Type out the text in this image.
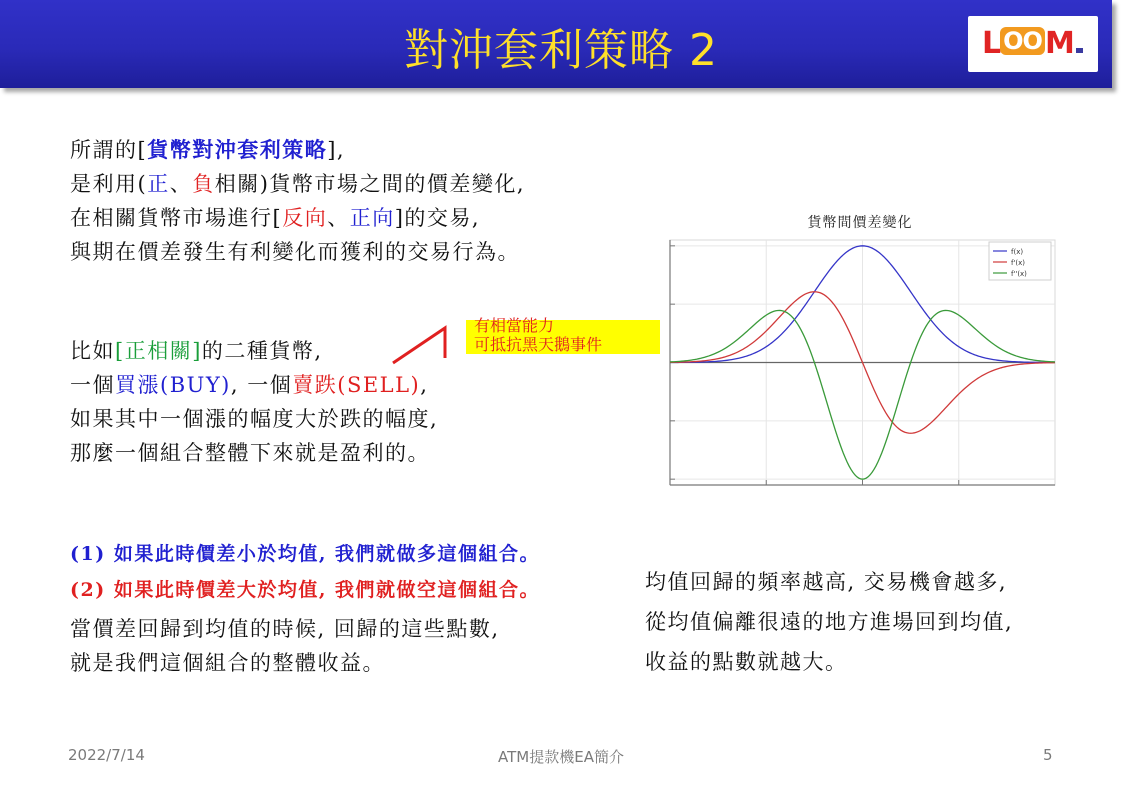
對沖套利策略 2	L OO M
所謂的[貨幣對沖套利策略],
是利用(正、負相關)貨幣市場之間的價差變化,
在相關貨幣市場進行[反向、正向]的交易,
與期在價差發生有利變化而獲利的交易行為。
比如[正相關]的二種貨幣,
一個買漲(BUY), 一個賣跌(SELL),
如果其中一個漲的幅度大於跌的幅度,
那麼一個組合整體下來就是盈利的。
有相當能力
可抵抗黑天鵝事件
(1) 如果此時價差小於均值, 我們就做多這個組合。
(2) 如果此時價差大於均值, 我們就做空這個組合。
當價差回歸到均值的時候, 回歸的這些點數,
就是我們這個組合的整體收益。
均值回歸的頻率越高, 交易機會越多,
從均值偏離很遠的地方進場回到均值,
收益的點數就越大。
貨幣間價差變化
f(x)
f'(x)
f''(x)
2022/7/14	ATM提款機EA簡介	5
